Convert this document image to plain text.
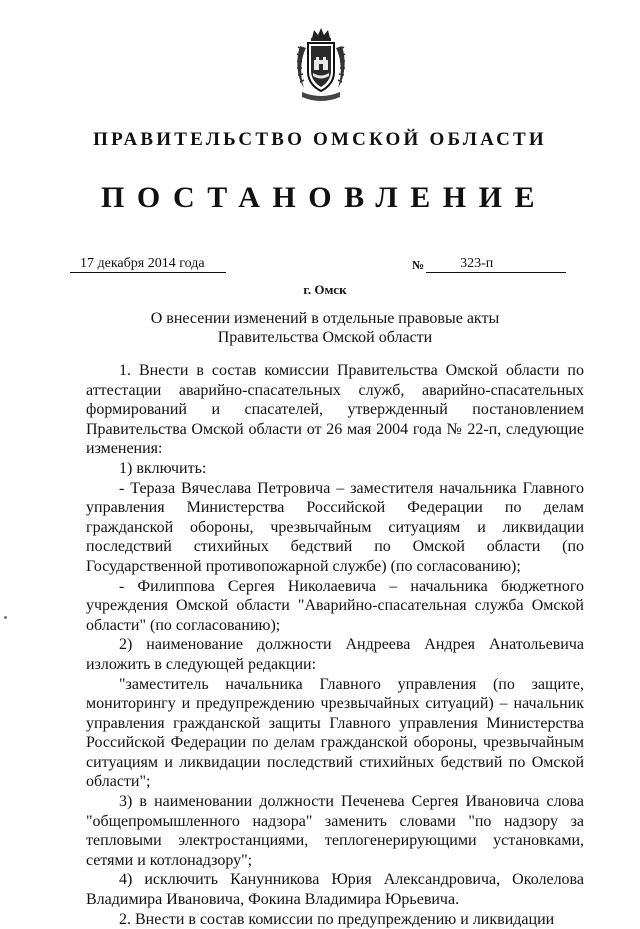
ПРАВИТЕЛЬСТВО ОМСКОЙ ОБЛАСТИ
ПОСТАНОВЛЕНИЕ
17 декабря 2014 года	№	323-п
г. Омск
О внесении изменений в отдельные правовые акты
Правительства Омской области

1. Внести в состав комиссии Правительства Омской области по аттестации аварийно-спасательных служб, аварийно-спасательных формирований и спасателей, утвержденный постановлением Правительства Омской области от 26 мая 2004 года № 22-п, следующие изменения:

1) включить:

- Тераза Вячеслава Петровича – заместителя начальника Главного управления Министерства Российской Федерации по делам гражданской обороны, чрезвычайным ситуациям и ликвидации последствий стихийных бедствий по Омской области (по Государственной противопожарной службе) (по согласованию);

- Филиппова Сергея Николаевича – начальника бюджетного учреждения Омской области "Аварийно-спасательная служба Омской области" (по согласованию);

2) наименование должности Андреева Андрея Анатольевича изложить в следующей редакции:

"заместитель начальника Главного управления (по защите, мониторингу и предупреждению чрезвычайных ситуаций) – начальник управления гражданской защиты Главного управления Министерства Российской Федерации по делам гражданской обороны, чрезвычайным ситуациям и ликвидации последствий стихийных бедствий по Омской области";

3) в наименовании должности Печенева Сергея Ивановича слова "общепромышленного надзора" заменить словами "по надзору за тепловыми электростанциями, теплогенерирующими установками, сетями и котлонадзору";

4) исключить Канунникова Юрия Александровича, Околелова Владимира Ивановича, Фокина Владимира Юрьевича.

2. Внести в состав комиссии по предупреждению и ликвидации
